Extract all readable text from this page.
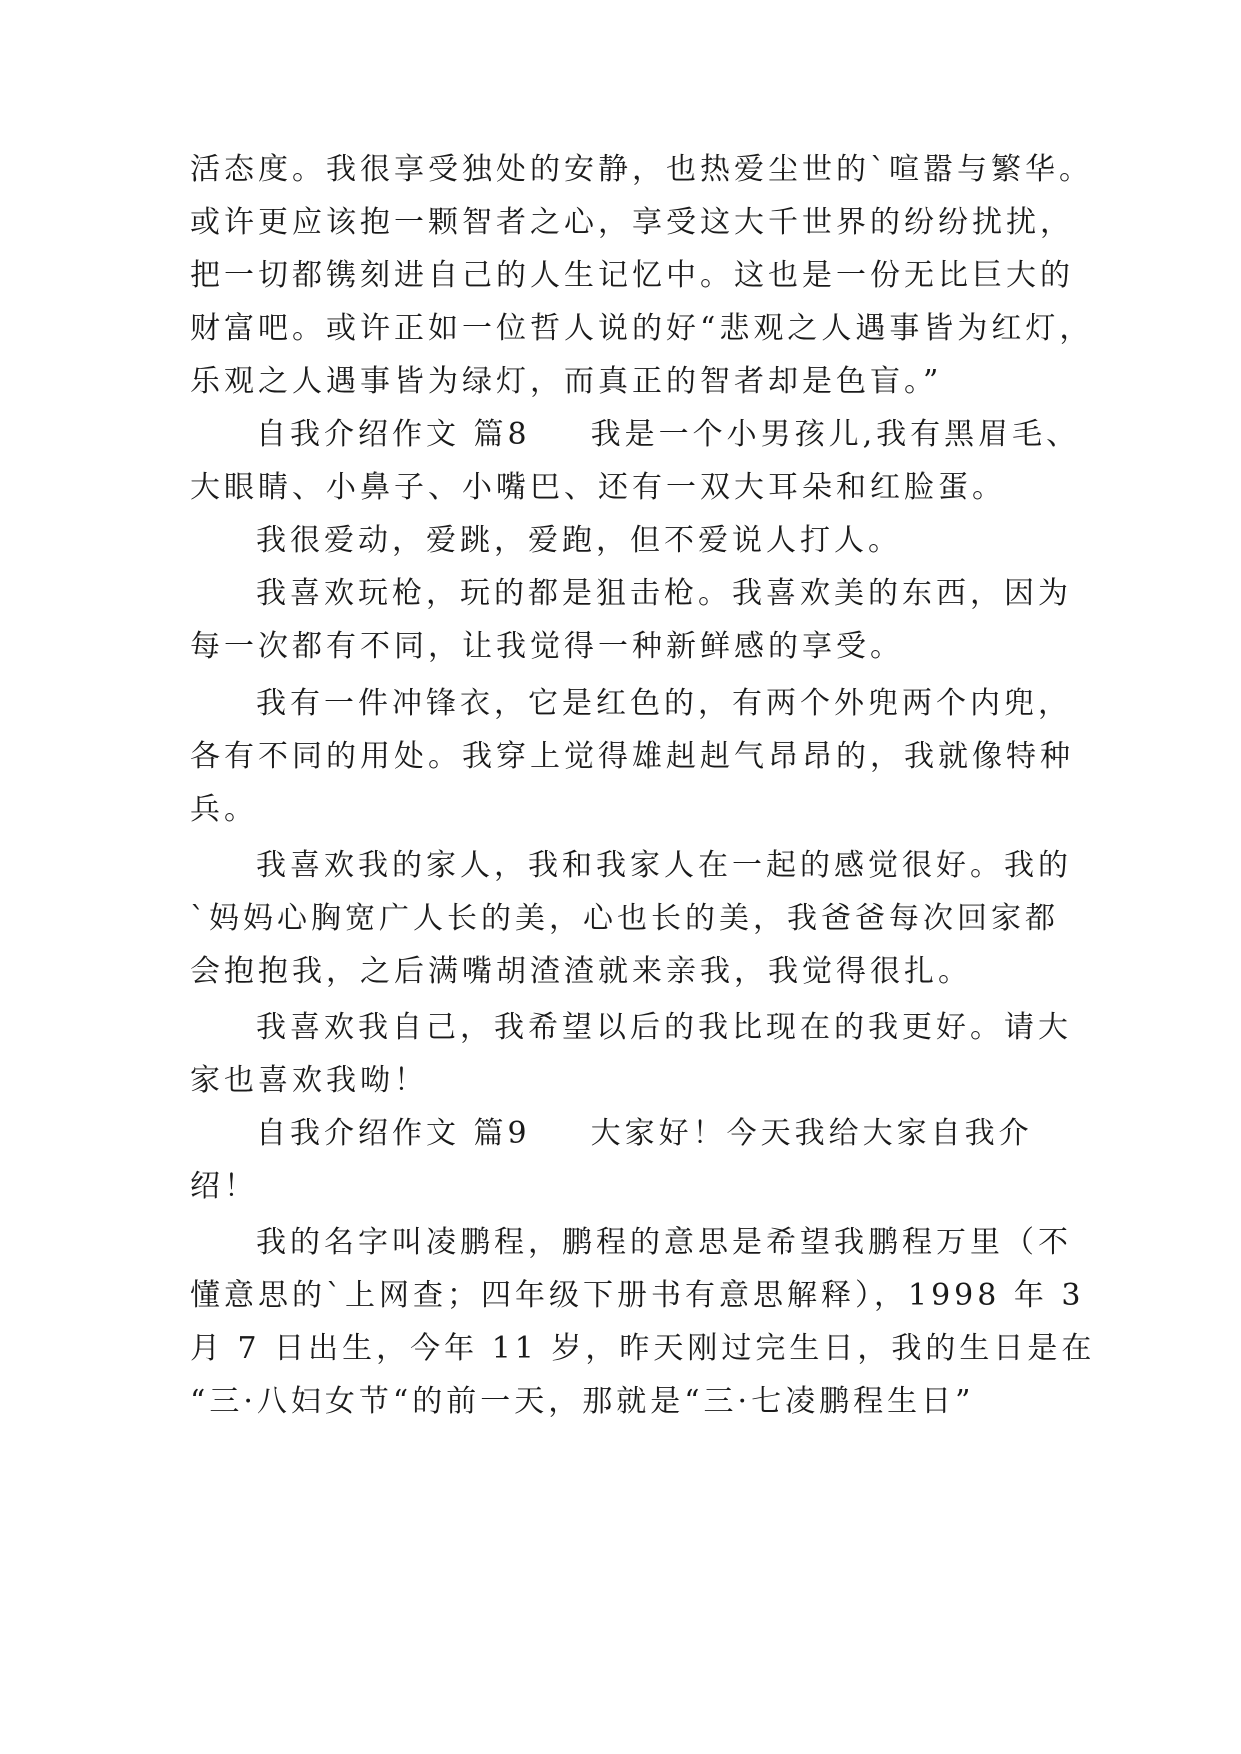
活态度。我很享受独处的安静，也热爱尘世的`喧嚣与繁华。
或许更应该抱一颗智者之心，享受这大千世界的纷纷扰扰，
把一切都镌刻进自己的人生记忆中。这也是一份无比巨大的
财富吧。或许正如一位哲人说的好“悲观之人遇事皆为红灯，
乐观之人遇事皆为绿灯，而真正的智者却是色盲。”
自我介绍作文 篇8 我是一个小男孩儿,我有黑眉毛、
大眼睛、小鼻子、小嘴巴、还有一双大耳朵和红脸蛋。
我很爱动，爱跳，爱跑，但不爱说人打人。
我喜欢玩枪，玩的都是狙击枪。我喜欢美的东西，因为
每一次都有不同，让我觉得一种新鲜感的享受。
我有一件冲锋衣，它是红色的，有两个外兜两个内兜，
各有不同的用处。我穿上觉得雄赳赳气昂昂的，我就像特种
兵。
我喜欢我的家人，我和我家人在一起的感觉很好。我的
`妈妈心胸宽广人长的美，心也长的美，我爸爸每次回家都
会抱抱我，之后满嘴胡渣渣就来亲我，我觉得很扎。
我喜欢我自己，我希望以后的我比现在的我更好。请大
家也喜欢我呦！
自我介绍作文 篇9 大家好！今天我给大家自我介
绍！
我的名字叫凌鹏程，鹏程的意思是希望我鹏程万里（不
懂意思的`上网查；四年级下册书有意思解释），1998 年 3
月 7 日出生，今年 11 岁，昨天刚过完生日，我的生日是在
“三·八妇女节“的前一天，那就是“三·七凌鹏程生日”
